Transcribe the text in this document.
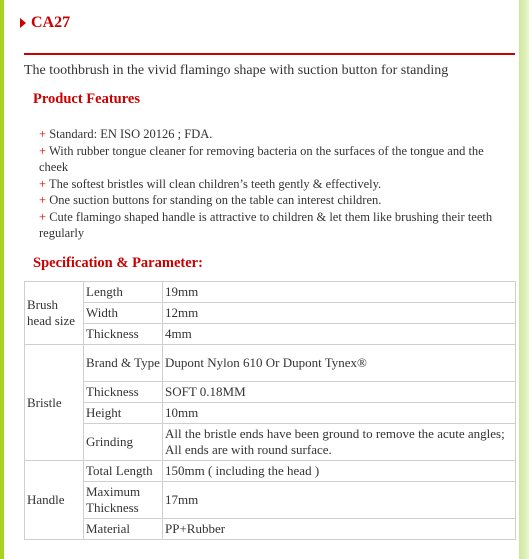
CA27
The toothbrush in the vivid flamingo shape with suction button for standing
Product Features

+ Standard: EN ISO 20126 ; FDA.

+ With rubber tongue cleaner for removing bacteria on the surfaces of the tongue and the cheek

+ The softest bristles will clean children’s teeth gently & effectively.

+ One suction buttons for standing on the table can interest children.

+ Cute flamingo shaped handle is attractive to children & let them like brushing their teeth regularly

Specification & Parameter:
Brush head size	Length	19mm
	Width	12mm
	Thickness	4mm
Bristle	Brand & Type	Dupont Nylon 610 Or Dupont Tynex®
	Thickness	SOFT 0.18MM
	Height	10mm
	Grinding	All the bristle ends have been ground to remove the acute angles; All ends are with round surface.
Handle	Total Length	150mm ( including the head )
	Maximum Thickness	17mm
	Material	PP+Rubber
